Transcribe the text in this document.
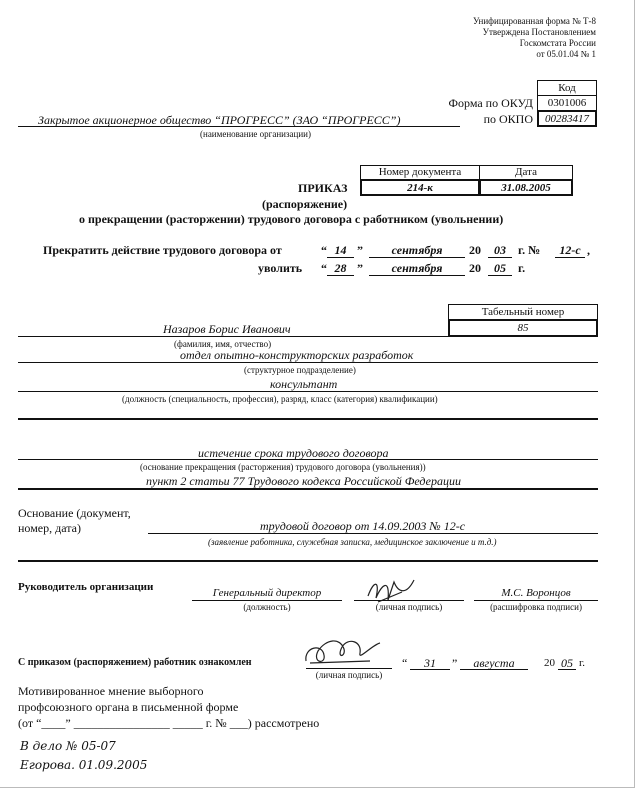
Унифицированная форма № Т-8
Утверждена Постановлением
Госкомстата России
от 05.01.04 № 1
Код
0301006
00283417
Форма по ОКУД
по ОКПО
Закрытое акционерное общество “ПРОГРЕСС” (ЗАО “ПРОГРЕСС”)
(наименование организации)
Номер документа	Дата
214-к	31.08.2005
ПРИКАЗ
(распоряжение)
о прекращении (расторжении) трудового договора с работником (увольнении)
Прекратить действие трудового договора от	“ 14 ”	сентября	20	03	г. №	12-с ,
уволить “ 28 ”	сентября	20	05	г.
Табельный номер
85
Назаров Борис Иванович
(фамилия, имя, отчество)
отдел опытно-конструкторских разработок
(структурное подразделение)
консультант
(должность (специальность, профессия), разряд, класс (категория) квалификации)
истечение срока трудового договора
(основание прекращения (расторжения) трудового договора (увольнения))
пункт 2 статьи 77 Трудового кодекса Российской Федерации
Основание (документ,
номер, дата)	трудовой договор от 14.09.2003 № 12-с
(заявление работника, служебная записка, медицинское заключение и т.д.)
Руководитель организации	Генеральный директор
(должность)	(личная подпись)
М.С. Воронцов
(расшифровка подписи)
С приказом (распоряжением) работник ознакомлен
(личная подпись)
“	31	”	августа	20 05 г.
Мотивированное мнение выборного
профсоюзного органа в письменной форме
(от “____” ________________ _____ г. № ___) рассмотрено
В дело № 05-07
Егорова. 01.09.2005
